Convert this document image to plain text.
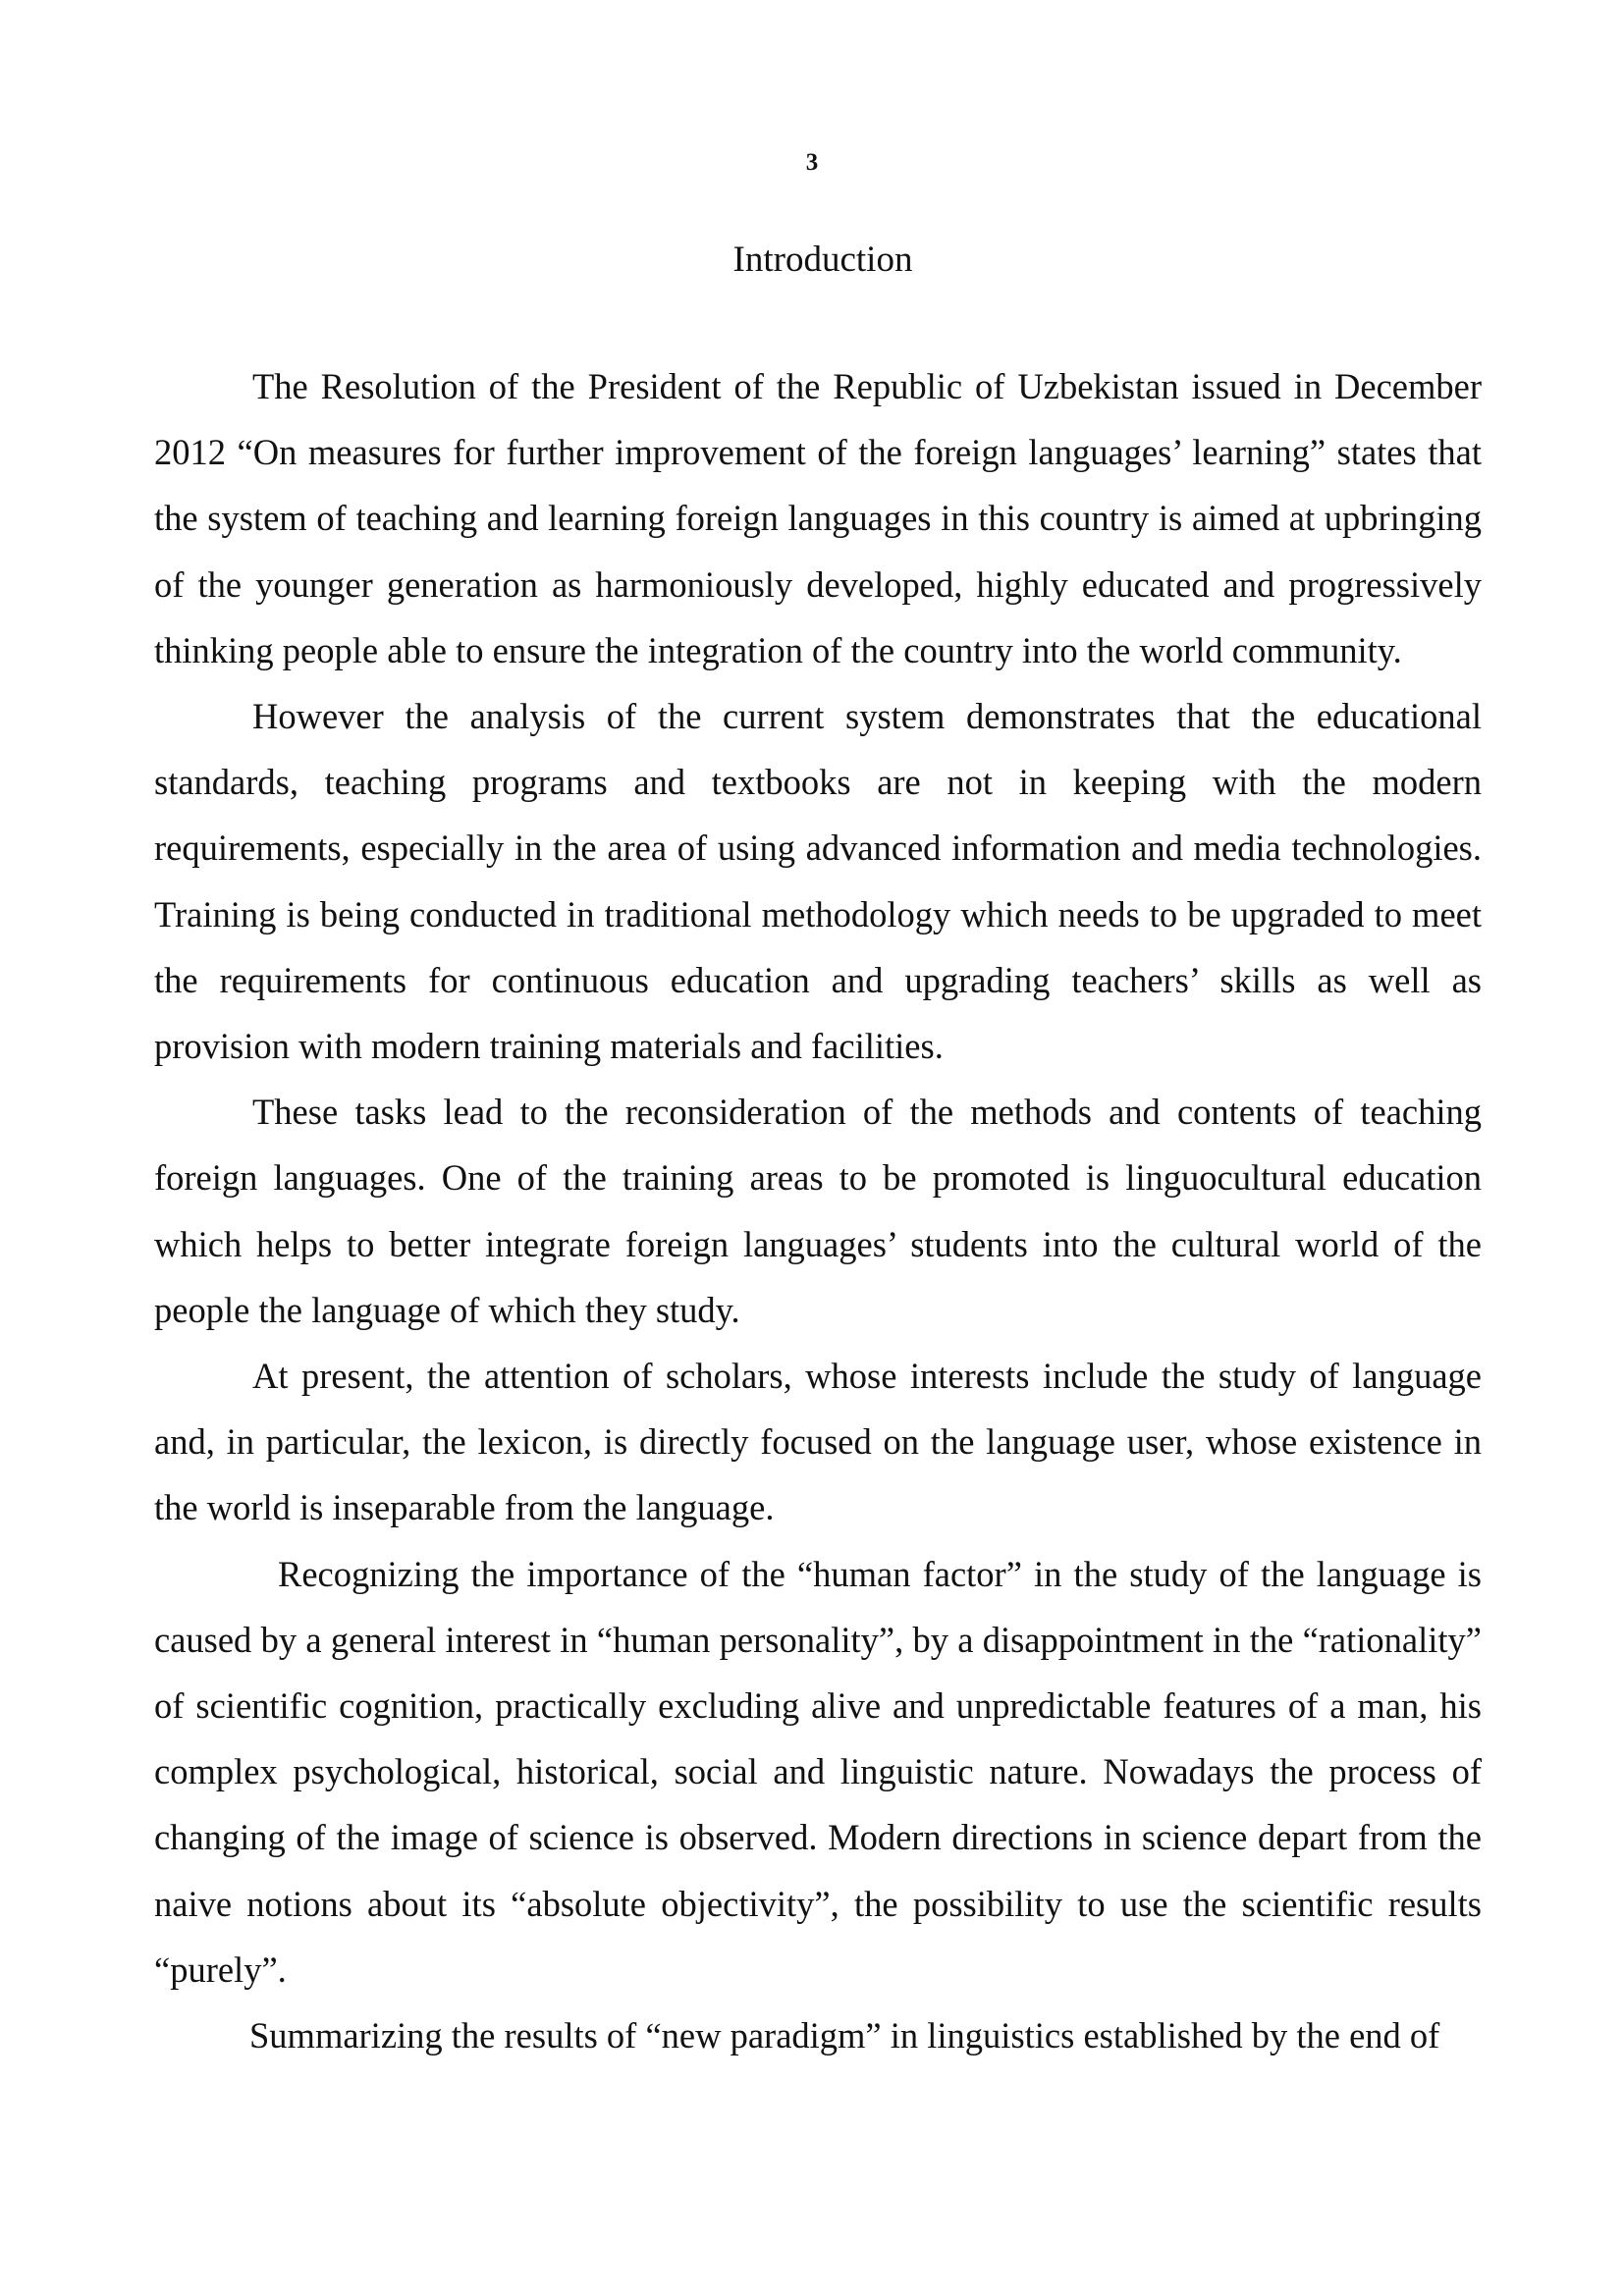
3
Introduction

The Resolution of the President of the Republic of Uzbekistan issued in December 2012 “On measures for further improvement of the foreign languages’ learning” states that the system of teaching and learning foreign languages in this country is aimed at upbringing of the younger generation as harmoniously developed, highly educated and progressively thinking people able to ensure the integration of the country into the world community.

However the analysis of the current system demonstrates that the educational standards, teaching programs and textbooks are not in keeping with the modern requirements, especially in the area of using advanced information and media technologies. Training is being conducted in traditional methodology which needs to be upgraded to meet the requirements for continuous education and upgrading teachers’ skills as well as provision with modern training materials and facilities.

These tasks lead to the reconsideration of the methods and contents of teaching foreign languages. One of the training areas to be promoted is linguocultural education which helps to better integrate foreign languages’ students into the cultural world of the people the language of which they study.

At present, the attention of scholars, whose interests include the study of language and, in particular, the lexicon, is directly focused on the language user, whose existence in the world is inseparable from the language.

Recognizing the importance of the “human factor” in the study of the language is caused by a general interest in “human personality”, by a disappointment in the “rationality” of scientific cognition, practically excluding alive and unpredictable features of a man, his complex psychological, historical, social and linguistic nature. Nowadays the process of changing of the image of science is observed. Modern directions in science depart from the naive notions about its “absolute objectivity”, the possibility to use the scientific results “purely”.

Summarizing the results of “new paradigm” in linguistics established by the end of
